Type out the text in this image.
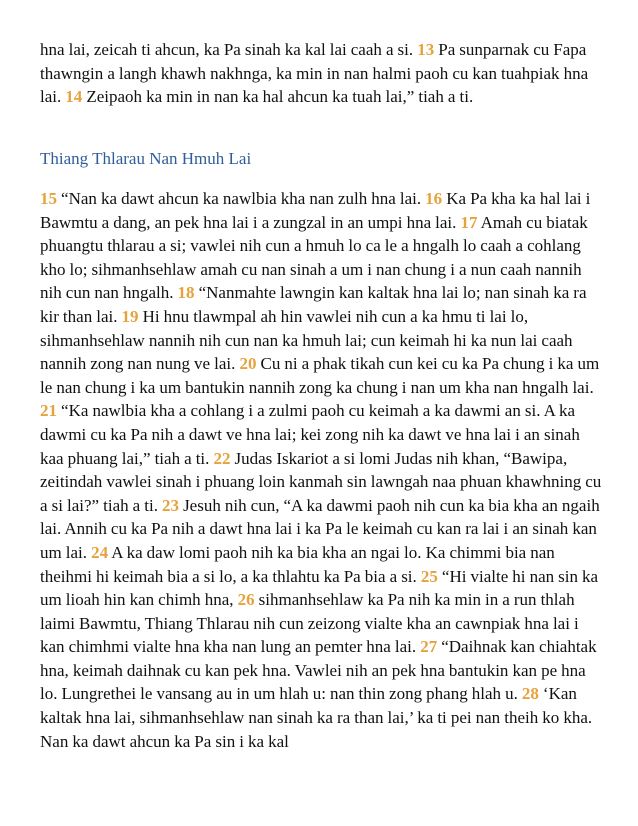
hna lai, zeicah ti ahcun, ka Pa sinah ka kal lai caah a si. 13 Pa sunparnak cu Fapa thawngin a langh khawh nakhnga, ka min in nan halmi paoh cu kan tuahpiak hna lai. 14 Zeipaoh ka min in nan ka hal ahcun ka tuah lai,” tiah a ti.

Thiang Thlarau Nan Hmuh Lai

15 “Nan ka dawt ahcun ka nawlbia kha nan zulh hna lai. 16 Ka Pa kha ka hal lai i Bawmtu a dang, an pek hna lai i a zungzal in an umpi hna lai. 17 Amah cu biatak phuangtu thlarau a si; vawlei nih cun a hmuh lo ca le a hngalh lo caah a cohlang kho lo; sihmanhsehlaw amah cu nan sinah a um i nan chung i a nun caah nannih nih cun nan hngalh. 18 “Nanmahte lawngin kan kaltak hna lai lo; nan sinah ka ra kir than lai. 19 Hi hnu tlawmpal ah hin vawlei nih cun a ka hmu ti lai lo, sihmanhsehlaw nannih nih cun nan ka hmuh lai; cun keimah hi ka nun lai caah nannih zong nan nung ve lai. 20 Cu ni a phak tikah cun kei cu ka Pa chung i ka um le nan chung i ka um bantukin nannih zong ka chung i nan um kha nan hngalh lai. 21 “Ka nawlbia kha a cohlang i a zulmi paoh cu keimah a ka dawmi an si. A ka dawmi cu ka Pa nih a dawt ve hna lai; kei zong nih ka dawt ve hna lai i an sinah kaa phuang lai,” tiah a ti. 22 Judas Iskariot a si lomi Judas nih khan, “Bawipa, zeitindah vawlei sinah i phuang loin kanmah sin lawngah naa phuan khawhning cu a si lai?” tiah a ti. 23 Jesuh nih cun, “A ka dawmi paoh nih cun ka bia kha an ngaih lai. Annih cu ka Pa nih a dawt hna lai i ka Pa le keimah cu kan ra lai i an sinah kan um lai. 24 A ka daw lomi paoh nih ka bia kha an ngai lo. Ka chimmi bia nan theihmi hi keimah bia a si lo, a ka thlahtu ka Pa bia a si. 25 “Hi vialte hi nan sin ka um lioah hin kan chimh hna, 26 sihmanhsehlaw ka Pa nih ka min in a run thlah laimi Bawmtu, Thiang Thlarau nih cun zeizong vialte kha an cawnpiak hna lai i kan chimhmi vialte hna kha nan lung an pemter hna lai. 27 “Daihnak kan chiahtak hna, keimah daihnak cu kan pek hna. Vawlei nih an pek hna bantukin kan pe hna lo. Lungrethei le vansang au in um hlah u: nan thin zong phang hlah u. 28 ‘Kan kaltak hna lai, sihmanhsehlaw nan sinah ka ra than lai,’ ka ti pei nan theih ko kha. Nan ka dawt ahcun ka Pa sin i ka kal
